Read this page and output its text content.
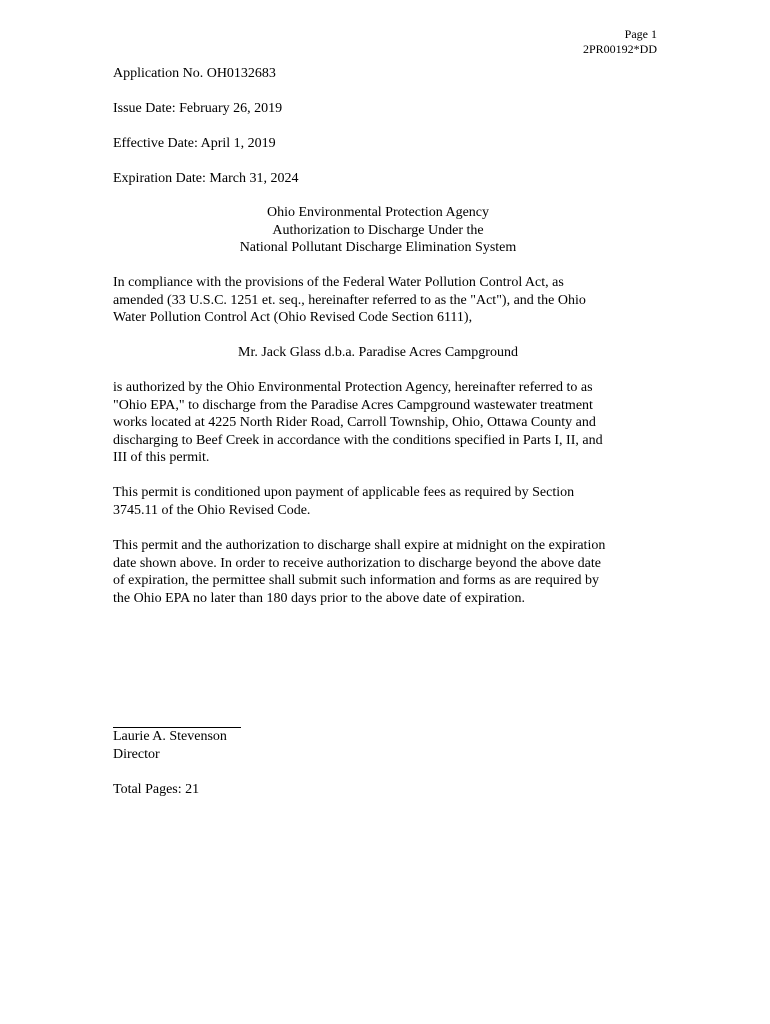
Page 1
2PR00192*DD
Application No. OH0132683
Issue Date: February 26, 2019
Effective Date: April 1, 2019
Expiration Date: March 31, 2024
Ohio Environmental Protection Agency
Authorization to Discharge Under the
National Pollutant Discharge Elimination System
In compliance with the provisions of the Federal Water Pollution Control Act, as
amended (33 U.S.C. 1251 et. seq., hereinafter referred to as the "Act"), and the Ohio
Water Pollution Control Act (Ohio Revised Code Section 6111),
Mr. Jack Glass d.b.a. Paradise Acres Campground
is authorized by the Ohio Environmental Protection Agency, hereinafter referred to as
"Ohio EPA," to discharge from the Paradise Acres Campground wastewater treatment
works located at 4225 North Rider Road, Carroll Township, Ohio, Ottawa County and
discharging to Beef Creek in accordance with the conditions specified in Parts I, II, and
III of this permit.
This permit is conditioned upon payment of applicable fees as required by Section
3745.11 of the Ohio Revised Code.
This permit and the authorization to discharge shall expire at midnight on the expiration
date shown above. In order to receive authorization to discharge beyond the above date
of expiration, the permittee shall submit such information and forms as are required by
the Ohio EPA no later than 180 days prior to the above date of expiration.
Laurie A. Stevenson
Director
Total Pages: 21
